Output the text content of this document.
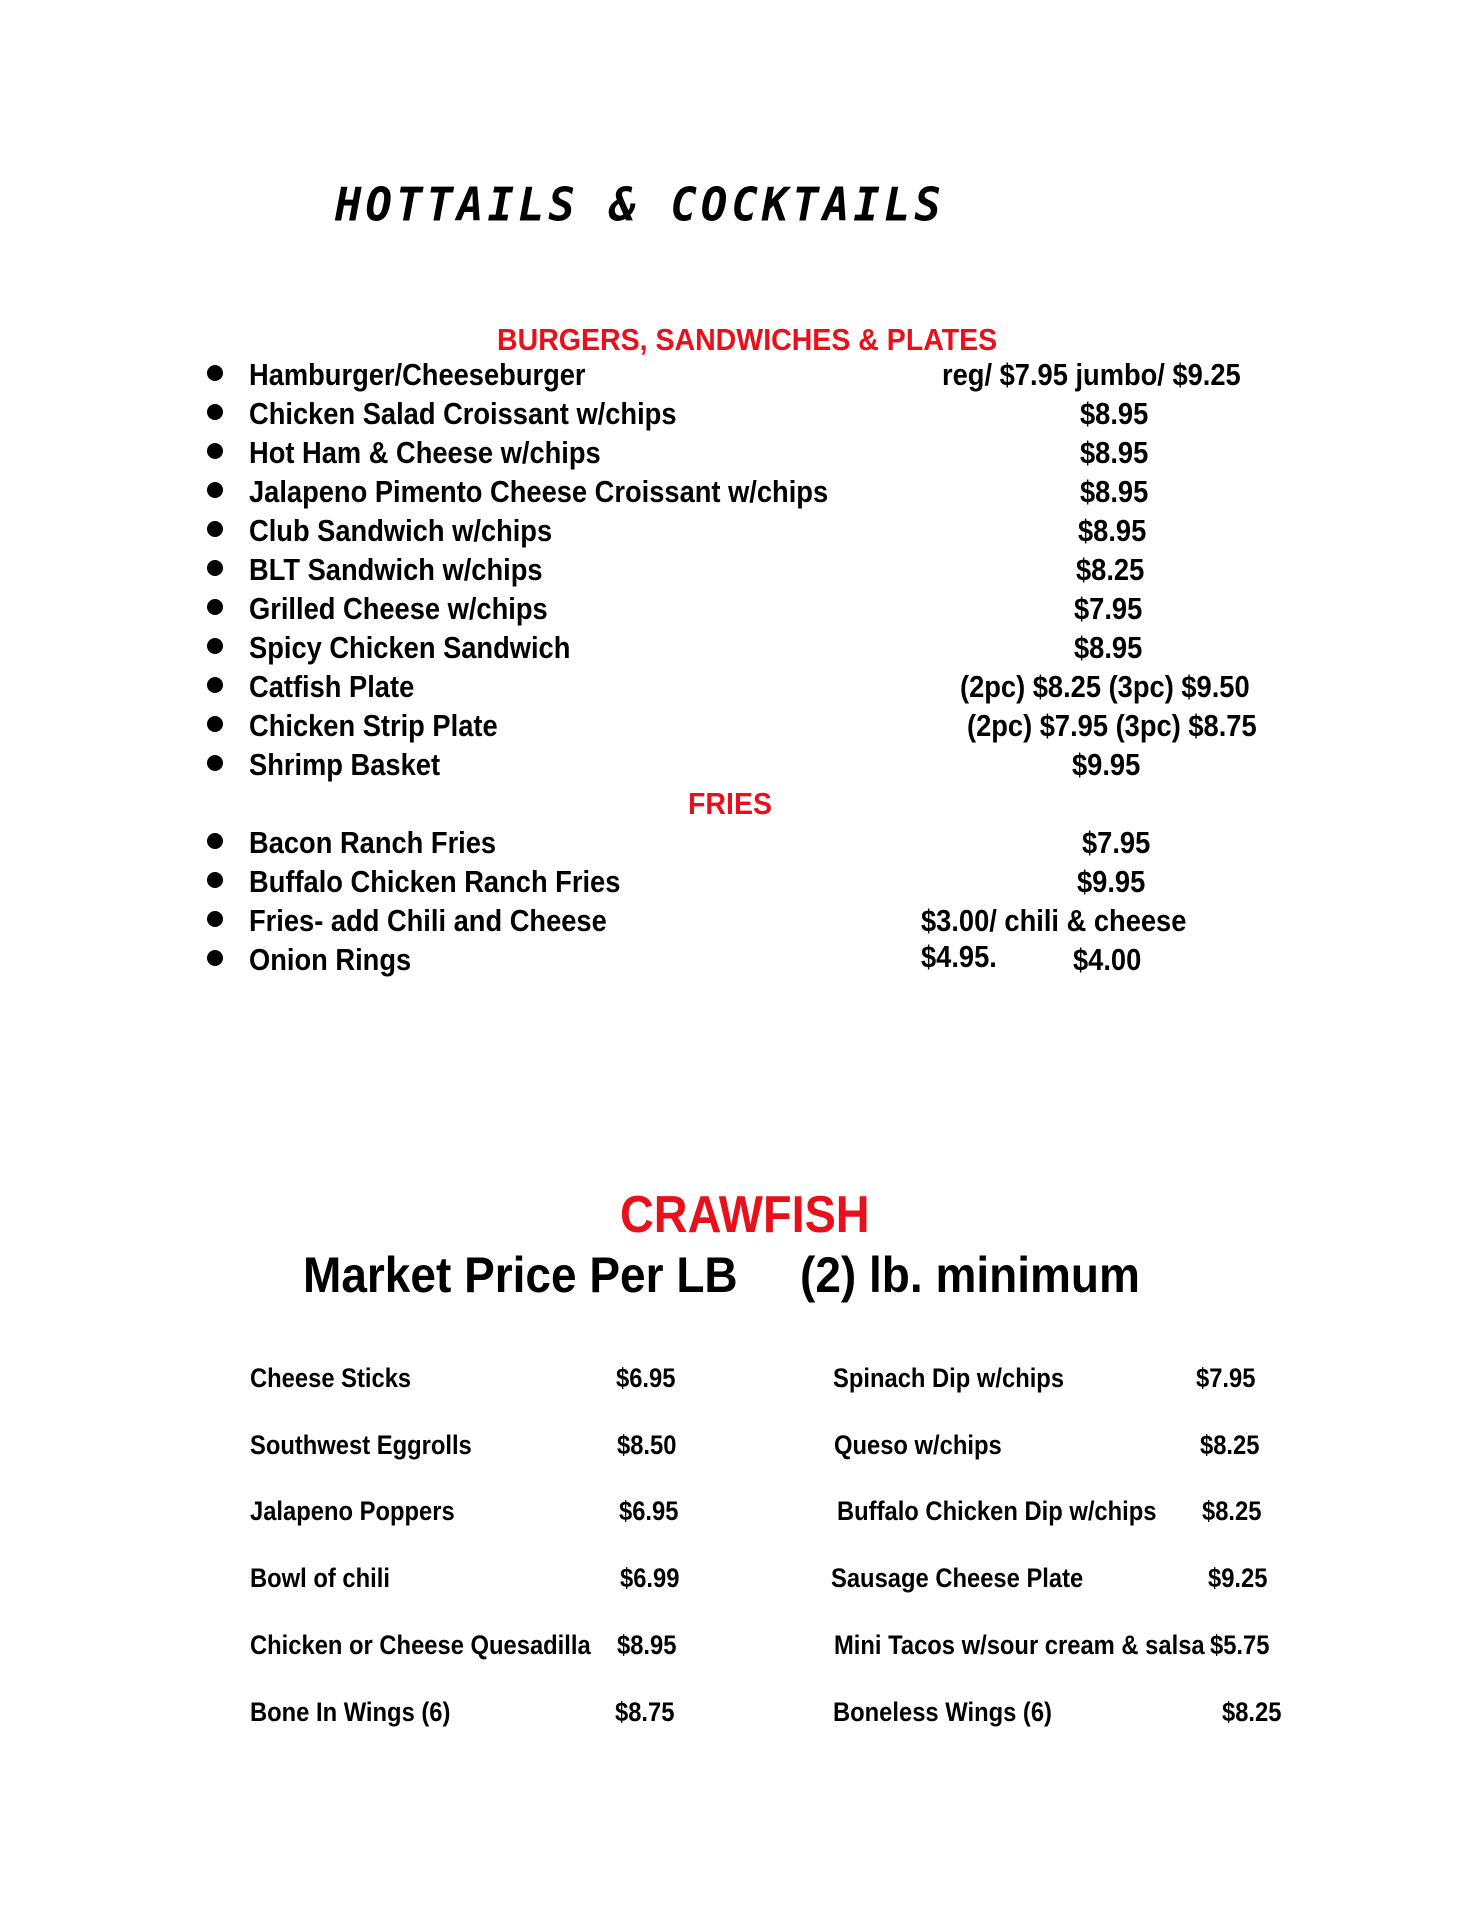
HOTTAILS & COCKTAILS
BURGERS, SANDWICHES & PLATES
Hamburger/Cheeseburger	reg/ $7.95 jumbo/ $9.25
Chicken Salad Croissant w/chips	$8.95
Hot Ham & Cheese w/chips	$8.95
Jalapeno Pimento Cheese Croissant w/chips	$8.95
Club Sandwich w/chips	$8.95
BLT Sandwich w/chips	$8.25
Grilled Cheese w/chips	$7.95
Spicy Chicken Sandwich	$8.95
Catfish Plate	(2pc) $8.25 (3pc) $9.50
Chicken Strip Plate	(2pc) $7.95 (3pc) $8.75
Shrimp Basket	$9.95
FRIES
Bacon Ranch Fries	$7.95
Buffalo Chicken Ranch Fries	$9.95
Fries- add Chili and Cheese	$3.00/ chili & cheese $4.95.
Onion Rings	$4.00
CRAWFISH
Market Price Per LB (2) lb. minimum
Cheese Sticks	$6.95
Southwest Eggrolls	$8.50
Jalapeno Poppers	$6.95
Bowl of chili	$6.99
Chicken or Cheese Quesadilla $8.95
Bone In Wings (6)	$8.75
Spinach Dip w/chips	$7.95
Queso w/chips	$8.25
Buffalo Chicken Dip w/chips $8.25
Sausage Cheese Plate	$9.25
Mini Tacos w/sour cream & salsa $5.75
Boneless Wings (6)	$8.25
